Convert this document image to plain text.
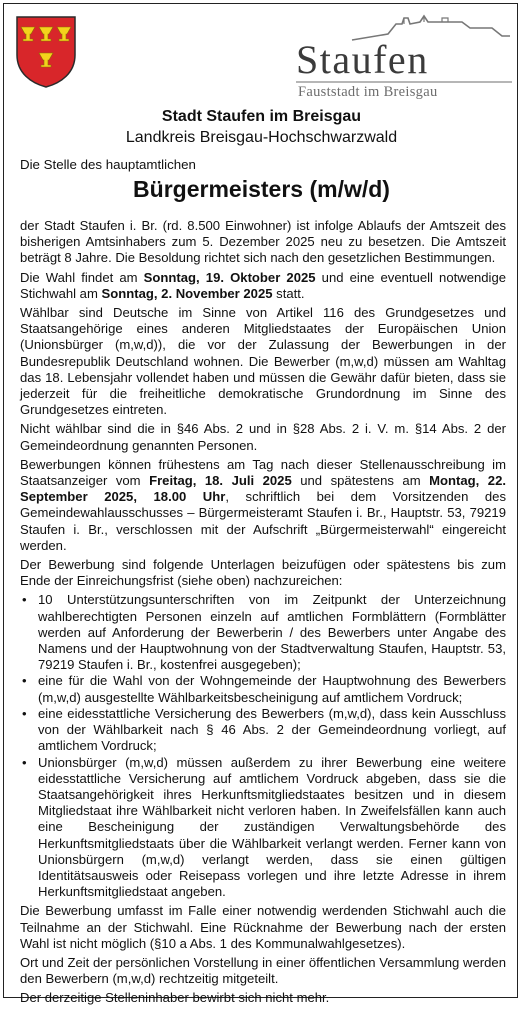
Staufen
Fauststadt im Breisgau
Stadt Staufen im Breisgau
Landkreis Breisgau-Hochschwarzwald
Die Stelle des hauptamtlichen
Bürgermeisters (m/w/d)

der Stadt Staufen i. Br. (rd. 8.500 Einwohner) ist infolge Ablaufs der Amtszeit des bisherigen Amtsinhabers zum 5. Dezember 2025 neu zu besetzen. Die Amtszeit beträgt 8 Jahre. Die Besoldung richtet sich nach den gesetzlichen Bestimmungen.

Die Wahl findet am Sonntag, 19. Oktober 2025 und eine eventuell notwendige Stichwahl am Sonntag, 2. November 2025 statt.

Wählbar sind Deutsche im Sinne von Artikel 116 des Grundgesetzes und Staatsangehörige eines anderen Mitgliedstaates der Europäischen Union (Unionsbürger (m,w,d)), die vor der Zulassung der Bewerbungen in der Bundesrepublik Deutschland wohnen. Die Bewerber (m,w,d) müssen am Wahltag das 18. Lebensjahr vollendet haben und müssen die Gewähr dafür bieten, dass sie jederzeit für die freiheitliche demokratische Grundordnung im Sinne des Grundgesetzes eintreten.

Nicht wählbar sind die in §46 Abs. 2 und in §28 Abs. 2 i. V. m. §14 Abs. 2 der Gemeindeordnung genannten Personen.

Bewerbungen können frühestens am Tag nach dieser Stellenausschreibung im Staatsanzeiger vom Freitag, 18. Juli 2025 und spätestens am Montag, 22. September 2025, 18.00 Uhr, schriftlich bei dem Vorsitzenden des Gemeindewahlausschusses – Bürgermeisteramt Staufen i. Br., Hauptstr. 53, 79219 Staufen i. Br., verschlossen mit der Aufschrift „Bürgermeisterwahl“ eingereicht werden.

Der Bewerbung sind folgende Unterlagen beizufügen oder spätestens bis zum Ende der Einreichungsfrist (siehe oben) nachzureichen:

• 10 Unterstützungsunterschriften von im Zeitpunkt der Unterzeichnung wahlberechtigten Personen einzeln auf amtlichen Formblättern (Formblätter werden auf Anforderung der Bewerberin / des Bewerbers unter Angabe des Namens und der Hauptwohnung von der Stadtverwaltung Staufen, Hauptstr. 53, 79219 Staufen i. Br., kostenfrei ausgegeben);
• eine für die Wahl von der Wohngemeinde der Hauptwohnung des Bewerbers (m,w,d) ausgestellte Wählbarkeitsbescheinigung auf amtlichem Vordruck;
• eine eidesstattliche Versicherung des Bewerbers (m,w,d), dass kein Ausschluss von der Wählbarkeit nach § 46 Abs. 2 der Gemeindeordnung vorliegt, auf amtlichem Vordruck;
• Unionsbürger (m,w,d) müssen außerdem zu ihrer Bewerbung eine weitere eidesstattliche Versicherung auf amtlichem Vordruck abgeben, dass sie die Staatsangehörigkeit ihres Herkunftsmitgliedstaates besitzen und in diesem Mitgliedstaat ihre Wählbarkeit nicht verloren haben. In Zweifelsfällen kann auch eine Bescheinigung der zuständigen Verwaltungsbehörde des Herkunftsmitgliedstaats über die Wählbarkeit verlangt werden. Ferner kann von Unionsbürgern (m,w,d) verlangt werden, dass sie einen gültigen Identitätsausweis oder Reisepass vorlegen und ihre letzte Adresse in ihrem Herkunftsmitgliedstaat angeben.

Die Bewerbung umfasst im Falle einer notwendig werdenden Stichwahl auch die Teilnahme an der Stichwahl. Eine Rücknahme der Bewerbung nach der ersten Wahl ist nicht möglich (§10 a Abs. 1 des Kommunalwahlgesetzes).

Ort und Zeit der persönlichen Vorstellung in einer öffentlichen Versammlung werden den Bewerbern (m,w,d) rechtzeitig mitgeteilt.

Der derzeitige Stelleninhaber bewirbt sich nicht mehr.
